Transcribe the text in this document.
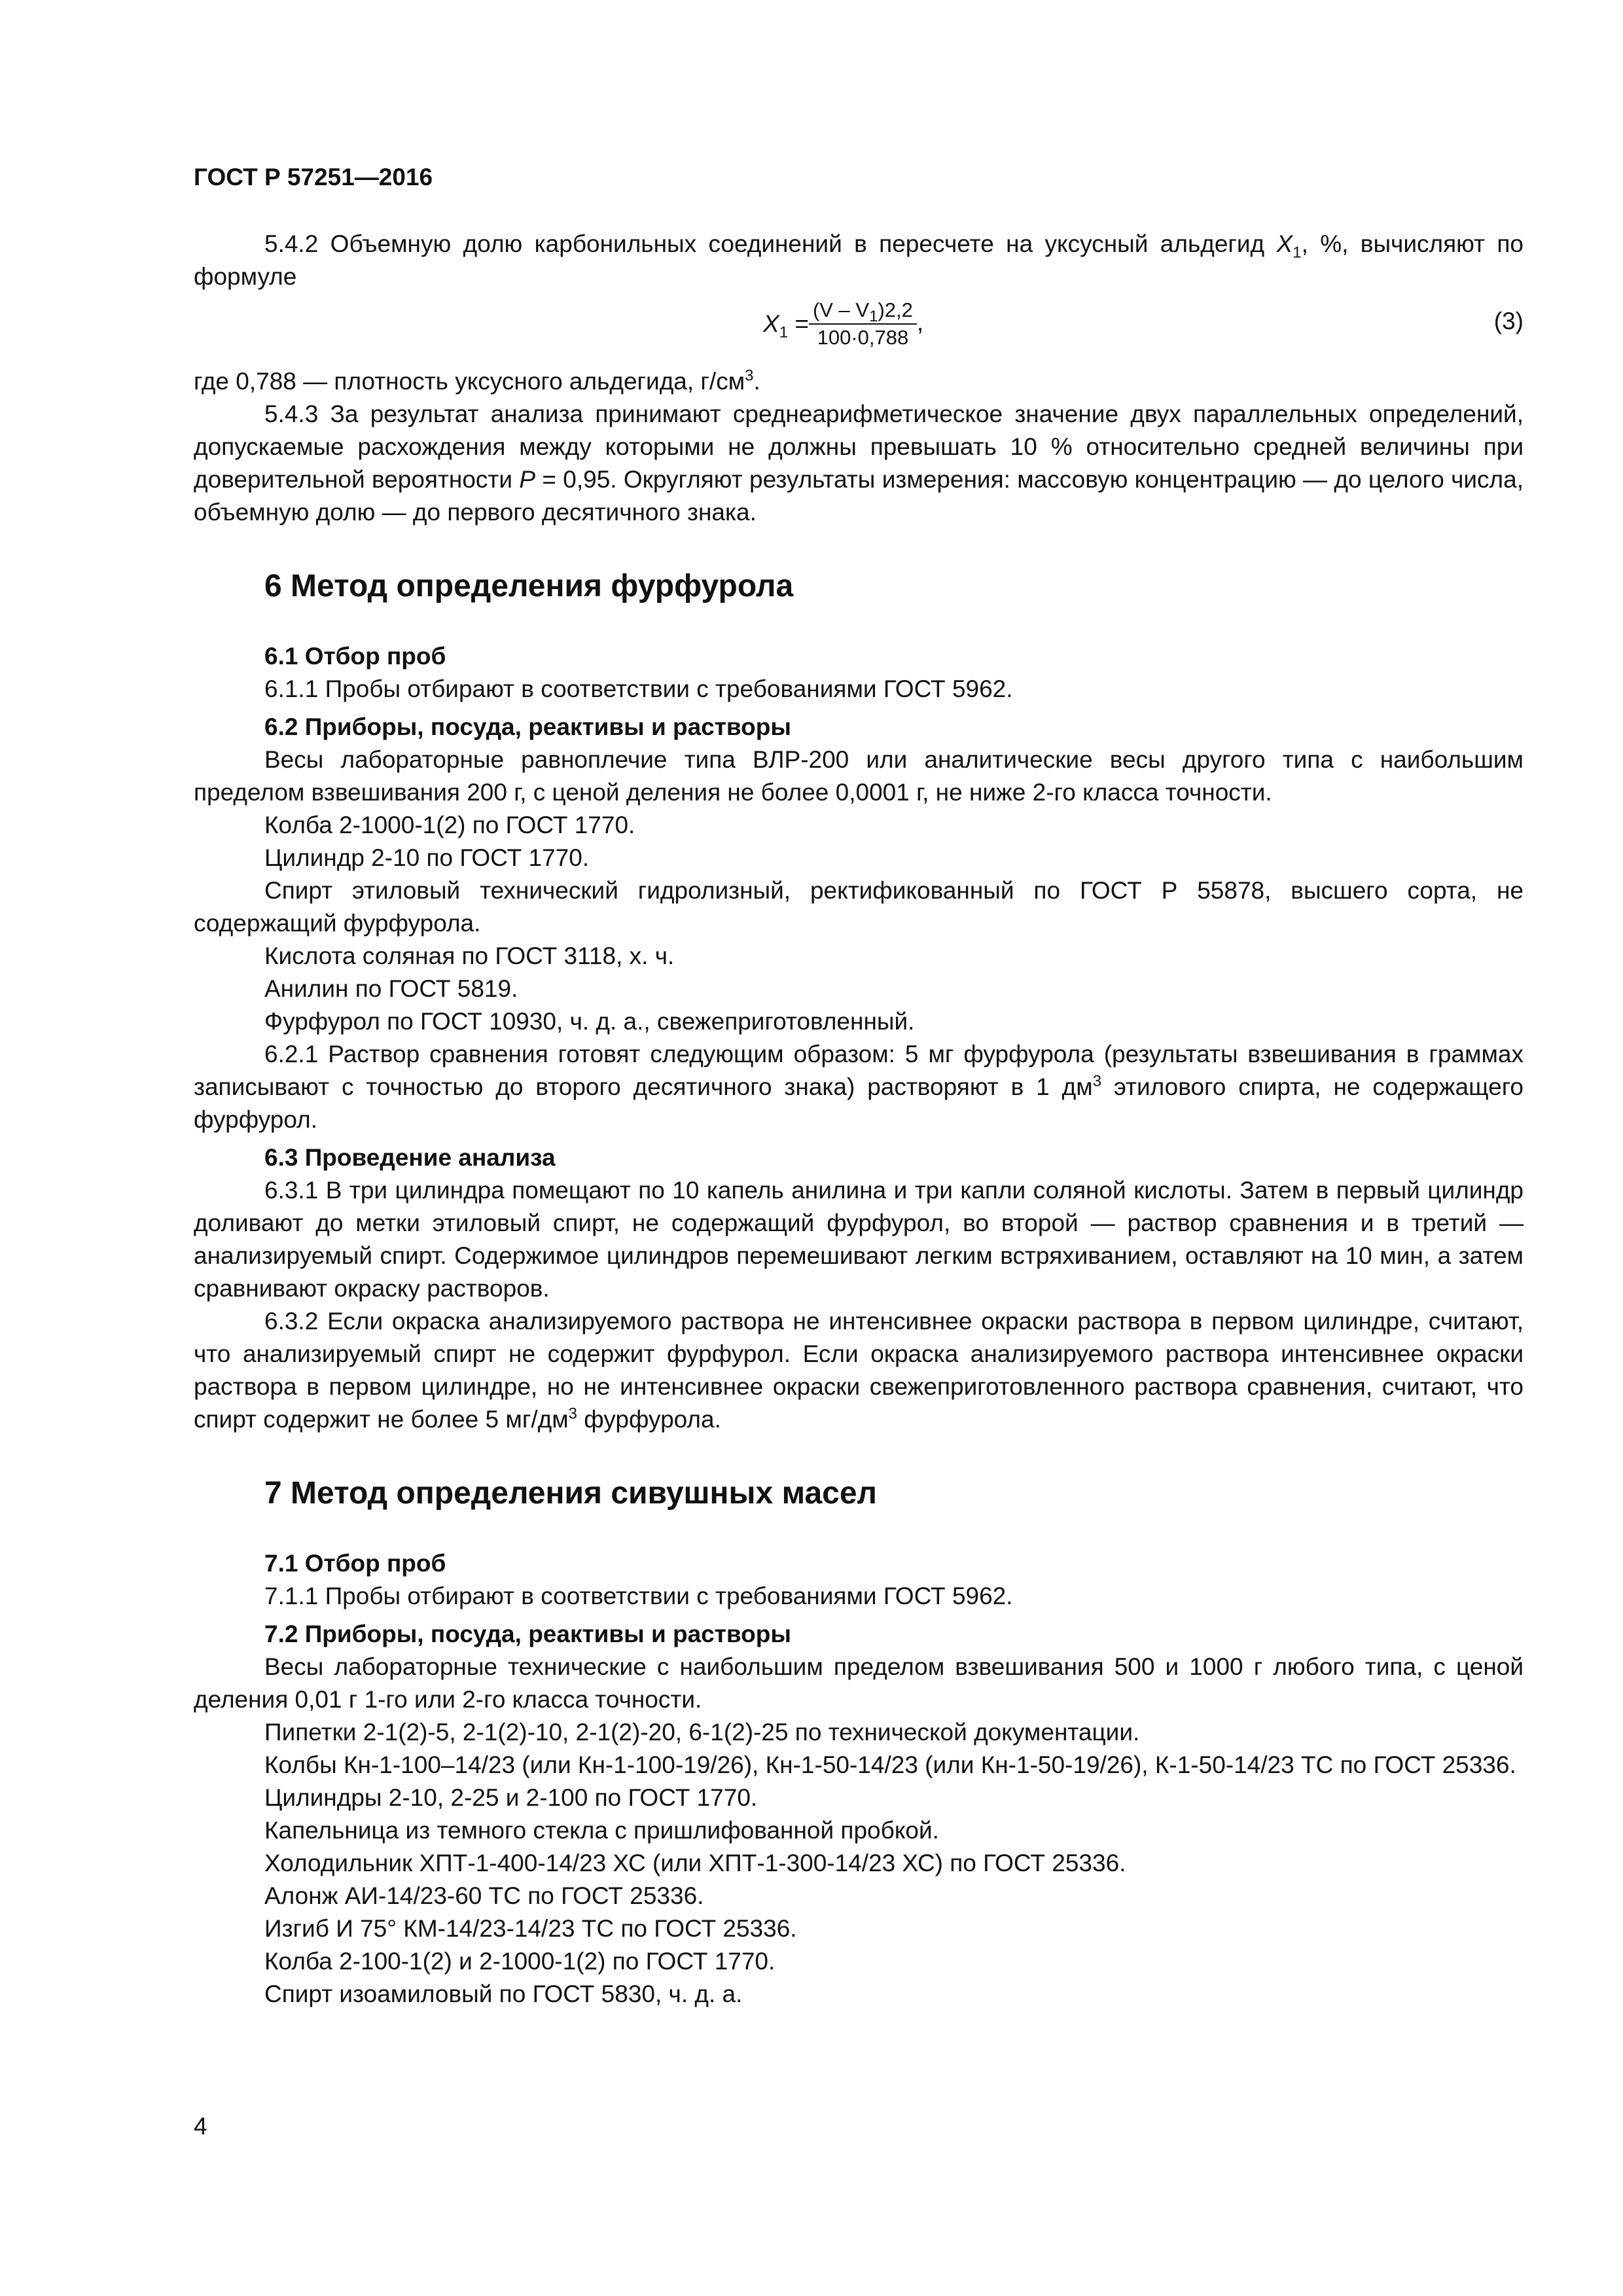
ГОСТ Р 57251—2016

5.4.2 Объемную долю карбонильных соединений в пересчете на уксусный альдегид $X_1$, %, вычисляют по формуле

$X_1 = \frac{(V - V_1)2,2}{100\cdot 0,788}$ ,	(3)

где 0,788 — плотность уксусного альдегида, $г/см^3$.

5.4.3 За результат анализа принимают среднеарифметическое значение двух параллельных определений, допускаемые расхождения между которыми не должны превышать 10 % относительно средней величины при доверительной вероятности P = 0,95. Округляют результаты измерения: массовую концентрацию — до целого числа, объемную долю — до первого десятичного знака.

6 Метод определения фурфурола
6.1 Отбор проб

6.1.1 Пробы отбирают в соответствии с требованиями ГОСТ 5962.

6.2 Приборы, посуда, реактивы и растворы

Весы лабораторные равноплечие типа ВЛР-200 или аналитические весы другого типа с наибольшим пределом взвешивания 200 г, с ценой деления не более 0,0001 г, не ниже 2-го класса точности.

Колба 2-1000-1(2) по ГОСТ 1770.

Цилиндр 2-10 по ГОСТ 1770.

Спирт этиловый технический гидролизный, ректификованный по ГОСТ Р 55878, высшего сорта, не содержащий фурфурола.

Кислота соляная по ГОСТ 3118, х. ч.

Анилин по ГОСТ 5819.

Фурфурол по ГОСТ 10930, ч. д. а., свежеприготовленный.

6.2.1 Раствор сравнения готовят следующим образом: 5 мг фурфурола (результаты взвешивания в граммах записывают с точностью до второго десятичного знака) растворяют в 1 $дм^3$ этилового спирта, не содержащего фурфурол.

6.3 Проведение анализа

6.3.1 В три цилиндра помещают по 10 капель анилина и три капли соляной кислоты. Затем в первый цилиндр доливают до метки этиловый спирт, не содержащий фурфурол, во второй — раствор сравнения и в третий — анализируемый спирт. Содержимое цилиндров перемешивают легким встряхиванием, оставляют на 10 мин, а затем сравнивают окраску растворов.

6.3.2 Если окраска анализируемого раствора не интенсивнее окраски раствора в первом цилиндре, считают, что анализируемый спирт не содержит фурфурол. Если окраска анализируемого раствора интенсивнее окраски раствора в первом цилиндре, но не интенсивнее окраски свежеприготовленного раствора сравнения, считают, что спирт содержит не более 5 $мг/дм^3$ фурфурола.

7 Метод определения сивушных масел
7.1 Отбор проб

7.1.1 Пробы отбирают в соответствии с требованиями ГОСТ 5962.

7.2 Приборы, посуда, реактивы и растворы

Весы лабораторные технические с наибольшим пределом взвешивания 500 и 1000 г любого типа, с ценой деления 0,01 г 1-го или 2-го класса точности.

Пипетки 2-1(2)-5, 2-1(2)-10, 2-1(2)-20, 6-1(2)-25 по технической документации.

Колбы Кн-1-100–14/23 (или Кн-1-100-19/26), Кн-1-50-14/23 (или Кн-1-50-19/26), К-1-50-14/23 ТС по ГОСТ 25336.

Цилиндры 2-10, 2-25 и 2-100 по ГОСТ 1770.

Капельница из темного стекла с пришлифованной пробкой.

Холодильник ХПТ-1-400-14/23 ХС (или ХПТ-1-300-14/23 ХС) по ГОСТ 25336.

Алонж АИ-14/23-60 ТС по ГОСТ 25336.

Изгиб И 75° КМ-14/23-14/23 ТС по ГОСТ 25336.

Колба 2-100-1(2) и 2-1000-1(2) по ГОСТ 1770.

Спирт изоамиловый по ГОСТ 5830, ч. д. а.

4
